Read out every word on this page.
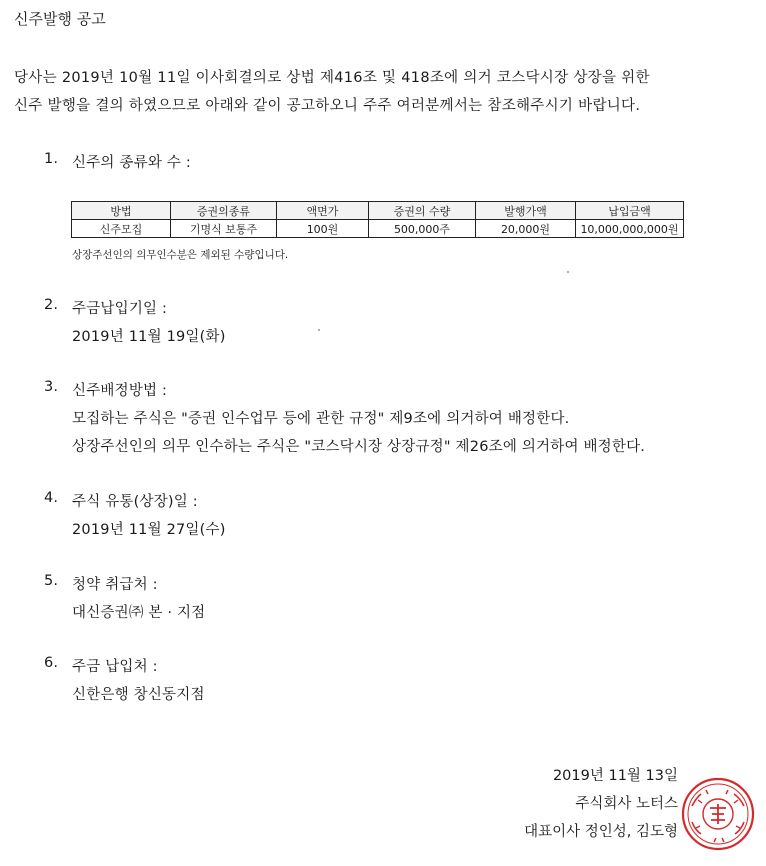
신주발행 공고
당사는 2019년 10월 11일 이사회결의로 상법 제416조 및 418조에 의거 코스닥시장 상장을 위한
신주 발행을 결의 하였으므로 아래와 같이 공고하오니 주주 여러분께서는 참조해주시기 바랍니다.
1. 신주의 종류와 수 :
방법	증권의종류	액면가	증권의 수량	발행가액	납입금액
신주모집	기명식 보통주	100원	500,000주	20,000원	10,000,000,000원
상장주선인의 의무인수분은 제외된 수량입니다.
2. 주금납입기일 :
2019년 11월 19일(화)
3. 신주배정방법 :
모집하는 주식은 "증권 인수업무 등에 관한 규정" 제9조에 의거하여 배정한다.
상장주선인의 의무 인수하는 주식은 "코스닥시장 상장규정" 제26조에 의거하여 배정한다.
4. 주식 유통(상장)일 :
2019년 11월 27일(수)
5. 청약 취급처 :
대신증권㈜ 본 · 지점
6. 주금 납입처 :
신한은행 창신동지점
2019년 11월 13일
주식회사 노터스
대표이사 정인성, 김도형
